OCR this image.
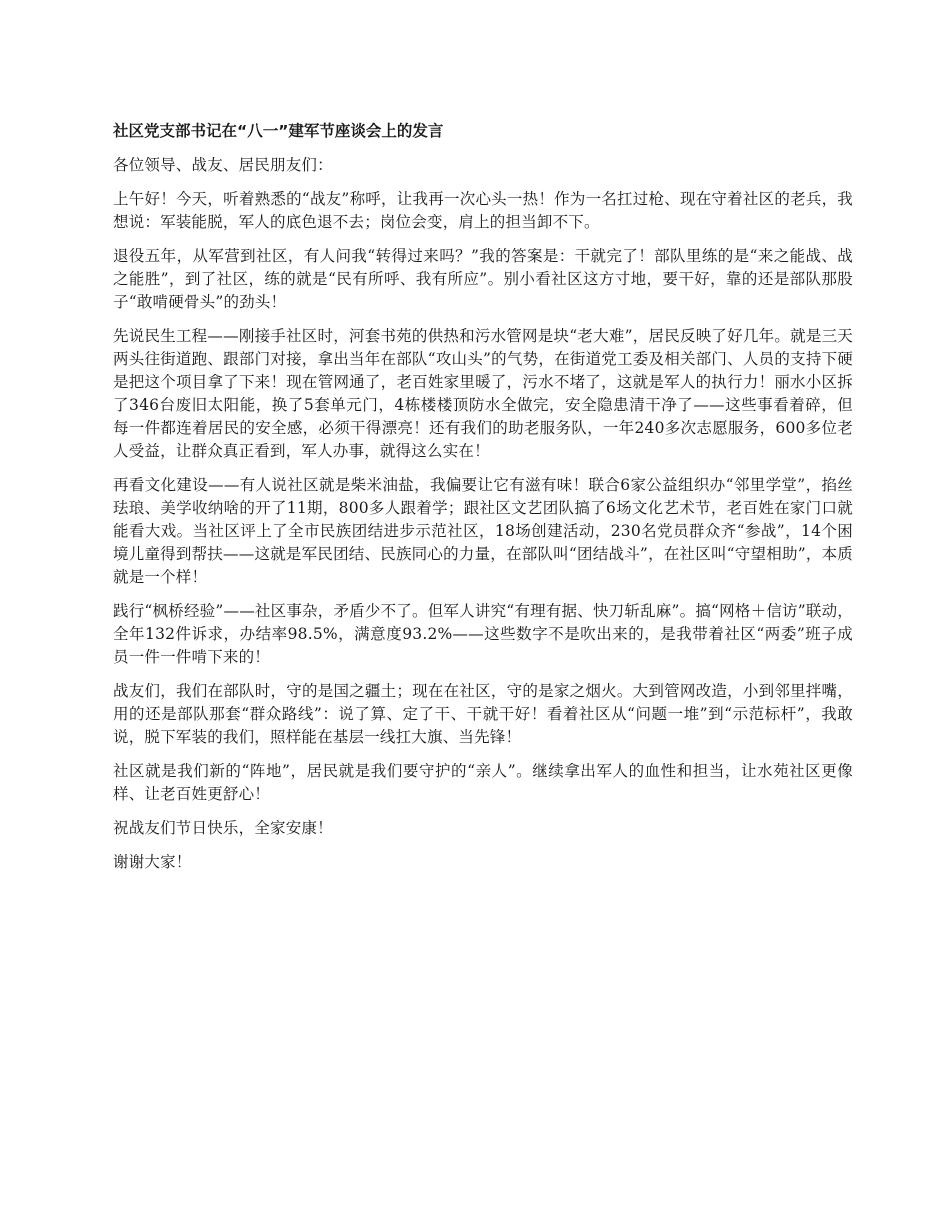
社区党支部书记在“八一”建军节座谈会上的发言
各位领导、战友、居民朋友们：
上午好！今天，听着熟悉的“战友”称呼，让我再一次心头一热！作为一名扛过枪、现在守着社区的老兵，我想说：军装能脱，军人的底色退不去；岗位会变，肩上的担当卸不下。
退役五年，从军营到社区，有人问我“转得过来吗？”我的答案是：干就完了！部队里练的是“来之能战、战之能胜”，到了社区，练的就是“民有所呼、我有所应”。别小看社区这方寸地，要干好，靠的还是部队那股子“敢啃硬骨头”的劲头！
先说民生工程——刚接手社区时，河套书苑的供热和污水管网是块“老大难”，居民反映了好几年。就是三天两头往街道跑、跟部门对接，拿出当年在部队“攻山头”的气势，在街道党工委及相关部门、人员的支持下硬是把这个项目拿了下来！现在管网通了，老百姓家里暖了，污水不堵了，这就是军人的执行力！丽水小区拆了346台废旧太阳能，换了5套单元门，4栋楼楼顶防水全做完，安全隐患清干净了——这些事看着碎，但每一件都连着居民的安全感，必须干得漂亮！还有我们的助老服务队，一年240多次志愿服务，600多位老人受益，让群众真正看到，军人办事，就得这么实在！
再看文化建设——有人说社区就是柴米油盐，我偏要让它有滋有味！联合6家公益组织办“邻里学堂”，掐丝珐琅、美学收纳啥的开了11期，800多人跟着学；跟社区文艺团队搞了6场文化艺术节，老百姓在家门口就能看大戏。当社区评上了全市民族团结进步示范社区，18场创建活动，230名党员群众齐“参战”，14个困境儿童得到帮扶——这就是军民团结、民族同心的力量，在部队叫“团结战斗”，在社区叫“守望相助”，本质就是一个样！
践行“枫桥经验”——社区事杂，矛盾少不了。但军人讲究“有理有据、快刀斩乱麻”。搞“网格＋信访”联动，全年132件诉求，办结率98.5%，满意度93.2%——这些数字不是吹出来的，是我带着社区“两委”班子成员一件一件啃下来的！
战友们，我们在部队时，守的是国之疆土；现在在社区，守的是家之烟火。大到管网改造，小到邻里拌嘴，用的还是部队那套“群众路线”：说了算、定了干、干就干好！看着社区从“问题一堆”到“示范标杆”，我敢说，脱下军装的我们，照样能在基层一线扛大旗、当先锋！
社区就是我们新的“阵地”，居民就是我们要守护的“亲人”。继续拿出军人的血性和担当，让水苑社区更像样、让老百姓更舒心！
祝战友们节日快乐，全家安康！
谢谢大家！
